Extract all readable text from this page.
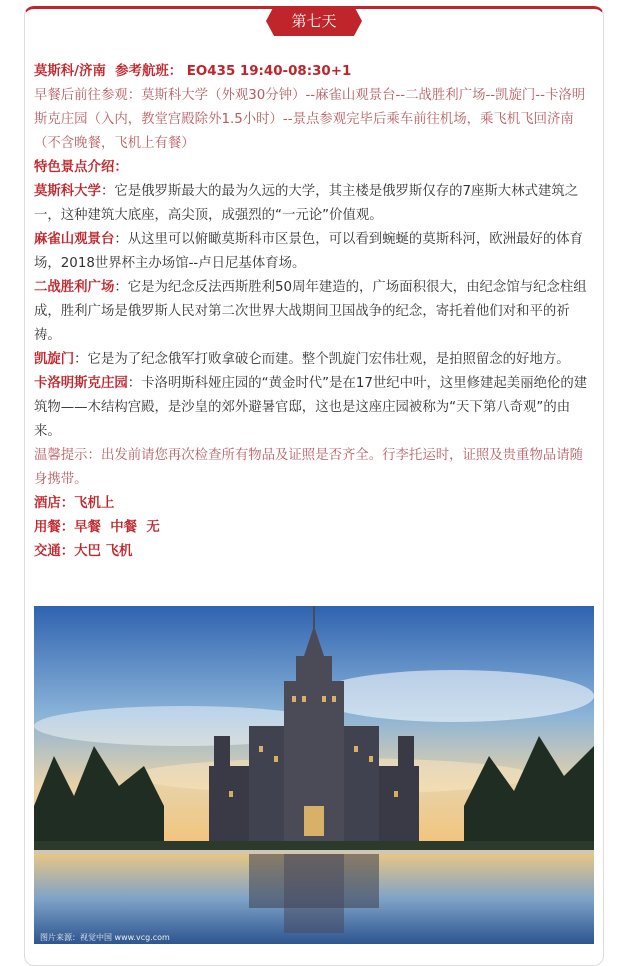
第七天

莫斯科/济南  参考航班： EO435 19:40-08:30+1

早餐后前往参观：莫斯科大学（外观30分钟）--麻雀山观景台--二战胜利广场--凯旋门--卡洛明斯克庄园（入内，教堂宫殿除外1.5小时）--景点参观完毕后乘车前往机场，乘飞机飞回济南（不含晚餐，飞机上有餐）

特色景点介绍：

莫斯科大学：它是俄罗斯最大的最为久远的大学，其主楼是俄罗斯仅存的7座斯大林式建筑之一，这种建筑大底座，高尖顶，成强烈的“一元论”价值观。

麻雀山观景台：从这里可以俯瞰莫斯科市区景色，可以看到蜿蜒的莫斯科河，欧洲最好的体育场，2018世界杯主办场馆--卢日尼基体育场。

二战胜利广场：它是为纪念反法西斯胜利50周年建造的，广场面积很大，由纪念馆与纪念柱组成，胜利广场是俄罗斯人民对第二次世界大战期间卫国战争的纪念，寄托着他们对和平的祈祷。

凯旋门：它是为了纪念俄军打败拿破仑而建。整个凯旋门宏伟壮观，是拍照留念的好地方。

卡洛明斯克庄园：卡洛明斯科娅庄园的“黄金时代”是在17世纪中叶，这里修建起美丽绝伦的建筑物——木结构宫殿，是沙皇的郊外避暑官邸，这也是这座庄园被称为“天下第八奇观”的由来。

温馨提示：出发前请您再次检查所有物品及证照是否齐全。行李托运时，证照及贵重物品请随身携带。

酒店：飞机上

用餐：早餐  中餐  无

交通：大巴 飞机

图片来源：视觉中国 www.vcg.com
